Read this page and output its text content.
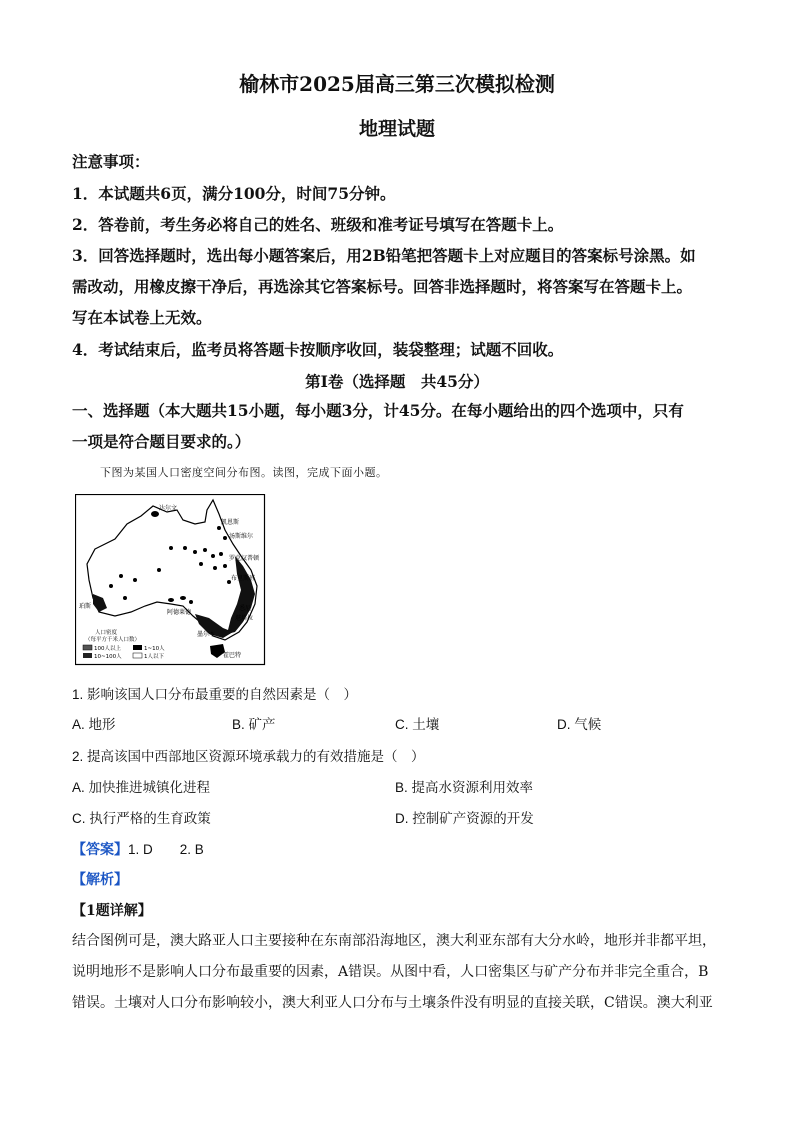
榆林市2025届高三第三次模拟检测
地理试题
注意事项：
1．本试题共6页，满分100分，时间75分钟。
2．答卷前，考生务必将自己的姓名、班级和准考证号填写在答题卡上。
3．回答选择题时，选出每小题答案后，用2B铅笔把答题卡上对应题目的答案标号涂黑。如
需改动，用橡皮擦干净后，再选涂其它答案标号。回答非选择题时，将答案写在答题卡上。
写在本试卷上无效。
4．考试结束后，监考员将答题卡按顺序收回，装袋整理；试题不回收。
第Ⅰ卷（选择题　共45分）
一、选择题（本大题共15小题，每小题3分，计45分。在每小题给出的四个选项中，只有
一项是符合题目要求的。）
下图为某国人口密度空间分布图。读图，完成下面小题。
达尔文
凯恩斯
汤斯维尔
罗克汉普顿
布里斯班
珀斯
阿德莱德
墨尔本
悉尼
堪培拉
霍巴特
人口密度
（每平方千米人口数）
100人以上	1~10人
10~100人	1人以下
1. 影响该国人口分布最重要的自然因素是（　）
A. 地形	B. 矿产	C. 土壤	D. 气候
2. 提高该国中西部地区资源环境承载力的有效措施是（　）
A. 加快推进城镇化进程	B. 提高水资源利用效率
C. 执行严格的生育政策	D. 控制矿产资源的开发
【答案】1. D　　2. B
【解析】
【1题详解】
结合图例可是，澳大路亚人口主要接种在东南部沿海地区，澳大利亚东部有大分水岭，地形并非都平坦，
说明地形不是影响人口分布最重要的因素，A错误。从图中看，人口密集区与矿产分布并非完全重合，B
错误。土壤对人口分布影响较小，澳大利亚人口分布与土壤条件没有明显的直接关联，C错误。澳大利亚
